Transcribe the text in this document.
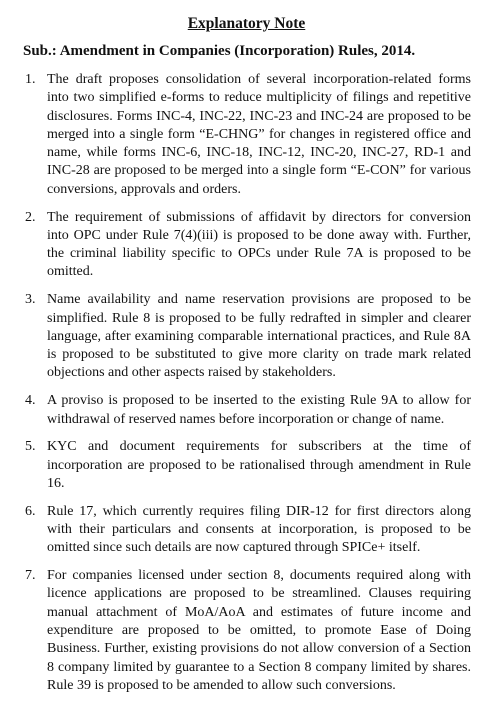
Explanatory Note
Sub.: Amendment in Companies (Incorporation) Rules, 2014.
1. The draft proposes consolidation of several incorporation-related forms into two simplified e-forms to reduce multiplicity of filings and repetitive disclosures. Forms INC-4, INC-22, INC-23 and INC-24 are proposed to be merged into a single form “E-CHNG” for changes in registered office and name, while forms INC-6, INC-18, INC-12, INC-20, INC-27, RD-1 and INC-28 are proposed to be merged into a single form “E-CON” for various conversions, approvals and orders.
2. The requirement of submissions of affidavit by directors for conversion into OPC under Rule 7(4)(iii) is proposed to be done away with. Further, the criminal liability specific to OPCs under Rule 7A is proposed to be omitted.
3. Name availability and name reservation provisions are proposed to be simplified. Rule 8 is proposed to be fully redrafted in simpler and clearer language, after examining comparable international practices, and Rule 8A is proposed to be substituted to give more clarity on trade mark related objections and other aspects raised by stakeholders.
4. A proviso is proposed to be inserted to the existing Rule 9A to allow for withdrawal of reserved names before incorporation or change of name.
5. KYC and document requirements for subscribers at the time of incorporation are proposed to be rationalised through amendment in Rule 16.
6. Rule 17, which currently requires filing DIR-12 for first directors along with their particulars and consents at incorporation, is proposed to be omitted since such details are now captured through SPICe+ itself.
7. For companies licensed under section 8, documents required along with licence applications are proposed to be streamlined. Clauses requiring manual attachment of MoA/AoA and estimates of future income and expenditure are proposed to be omitted, to promote Ease of Doing Business. Further, existing provisions do not allow conversion of a Section 8 company limited by guarantee to a Section 8 company limited by shares. Rule 39 is proposed to be amended to allow such conversions.
